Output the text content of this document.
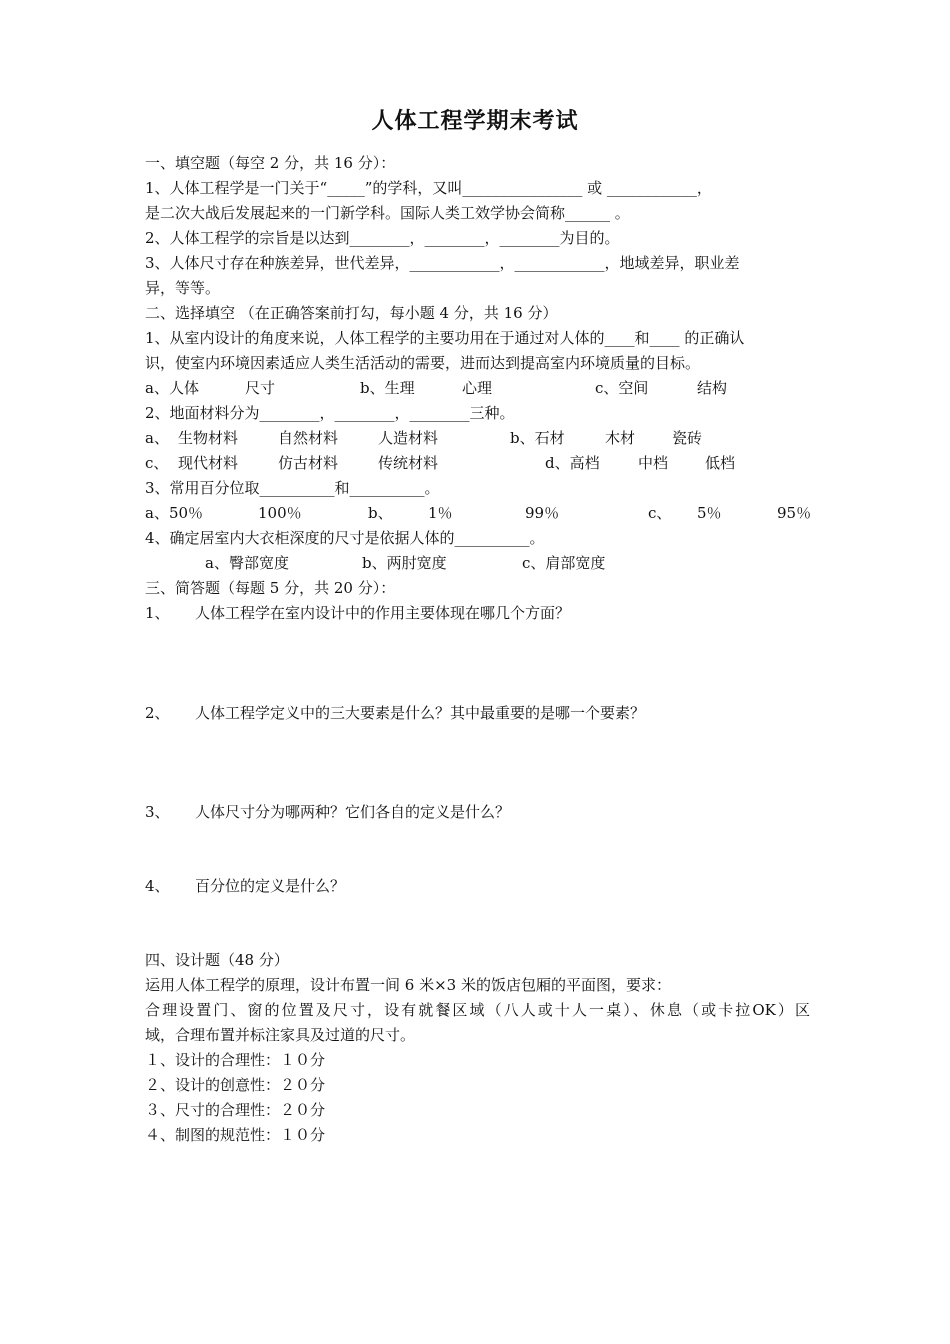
人体工程学期末考试
一、填空题（每空 2 分，共 16 分）：
1、人体工程学是一门关于“_____”的学科，又叫________________ 或 ____________，
是二次大战后发展起来的一门新学科。国际人类工效学协会简称______ 。
2、人体工程学的宗旨是以达到________，________，________为目的。
3、人体尺寸存在种族差异，世代差异，____________，____________，地域差异，职业差
异，等等。
二、选择填空 （在正确答案前打勾，每小题 4 分，共 16 分）
1、从室内设计的角度来说，人体工程学的主要功用在于通过对人体的____和____ 的正确认
识，使室内环境因素适应人类生活活动的需要，进而达到提高室内环境质量的目标。
a、人体	尺寸	b、生理	心理	c、空间	结构
2、地面材料分为________，________，________三种。
a、 生物材料	自然材料	人造材料	b、石材	木材 瓷砖
c、 现代材料	仿古材料	传统材料	d、高档	中档 低档
3、常用百分位取__________和__________。
a、50％	100％	b、 1％	99％	c、 5％	95％
4、确定居室内大衣柜深度的尺寸是依据人体的__________。
a、臀部宽度	b、两肘宽度	c、肩部宽度
三、简答题（每题 5 分，共 20 分）：
1、 人体工程学在室内设计中的作用主要体现在哪几个方面？
2、 人体工程学定义中的三大要素是什么？其中最重要的是哪一个要素？
3、 人体尺寸分为哪两种？它们各自的定义是什么？
4、 百分位的定义是什么？
四、设计题（48 分）
运用人体工程学的原理，设计布置一间 6 米×3 米的饭店包厢的平面图，要求：
合理设置门、窗的位置及尺寸，设有就餐区域（八人或十人一桌）、休息（或卡拉OK）区
域，合理布置并标注家具及过道的尺寸。
１、设计的合理性：１０分
２、设计的创意性：２０分
３、尺寸的合理性：２０分
４、制图的规范性：１０分
